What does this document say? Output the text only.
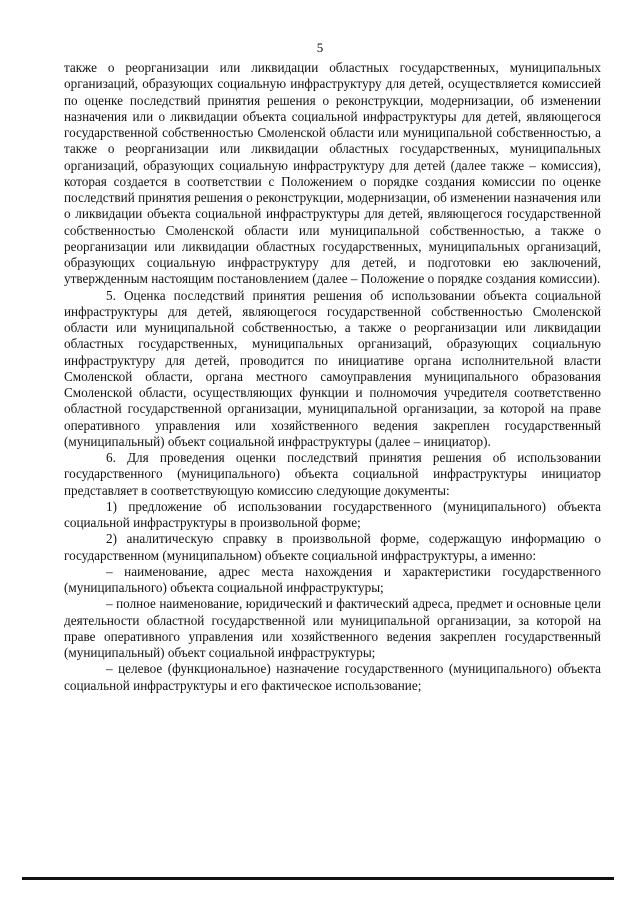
5

также о реорганизации или ликвидации областных государственных, муниципальных организаций, образующих социальную инфраструктуру для детей, осуществляется комиссией по оценке последствий принятия решения о реконструкции, модернизации, об изменении назначения или о ликвидации объекта социальной инфраструктуры для детей, являющегося государственной собственностью Смоленской области или муниципальной собственностью, а также о реорганизации или ликвидации областных государственных, муниципальных организаций, образующих социальную инфраструктуру для детей (далее также – комиссия), которая создается в соответствии с Положением о порядке создания комиссии по оценке последствий принятия решения о реконструкции, модернизации, об изменении назначения или о ликвидации объекта социальной инфраструктуры для детей, являющегося государственной собственностью Смоленской области или муниципальной собственностью, а также о реорганизации или ликвидации областных государственных, муниципальных организаций, образующих социальную инфраструктуру для детей, и подготовки ею заключений, утвержденным настоящим постановлением (далее – Положение о порядке создания комиссии).

5. Оценка последствий принятия решения об использовании объекта социальной инфраструктуры для детей, являющегося государственной собственностью Смоленской области или муниципальной собственностью, а также о реорганизации или ликвидации областных государственных, муниципальных организаций, образующих социальную инфраструктуру для детей, проводится по инициативе органа исполнительной власти Смоленской области, органа местного самоуправления муниципального образования Смоленской области, осуществляющих функции и полномочия учредителя соответственно областной государственной организации, муниципальной организации, за которой на праве оперативного управления или хозяйственного ведения закреплен государственный (муниципальный) объект социальной инфраструктуры (далее – инициатор).

6. Для проведения оценки последствий принятия решения об использовании государственного (муниципального) объекта социальной инфраструктуры инициатор представляет в соответствующую комиссию следующие документы:

1) предложение об использовании государственного (муниципального) объекта социальной инфраструктуры в произвольной форме;

2) аналитическую справку в произвольной форме, содержащую информацию о государственном (муниципальном) объекте социальной инфраструктуры, а именно:

– наименование, адрес места нахождения и характеристики государственного (муниципального) объекта социальной инфраструктуры;

– полное наименование, юридический и фактический адреса, предмет и основные цели деятельности областной государственной или муниципальной организации, за которой на праве оперативного управления или хозяйственного ведения закреплен государственный (муниципальный) объект социальной инфраструктуры;

– целевое (функциональное) назначение государственного (муниципального) объекта социальной инфраструктуры и его фактическое использование;
